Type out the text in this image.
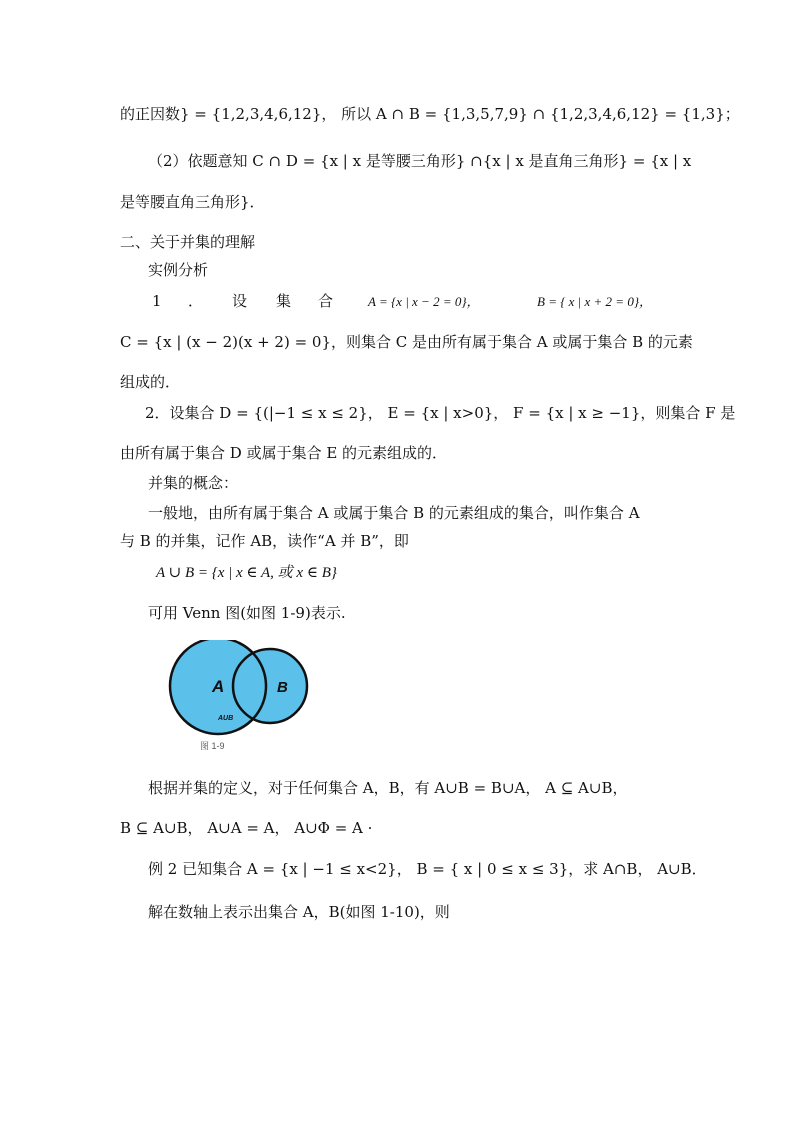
的正因数} = {1,2,3,4,6,12}， 所以 A ∩ B = {1,3,5,7,9} ∩ {1,2,3,4,6,12} = {1,3}；
（2）依题意知 C ∩ D = {x | x 是等腰三角形} ∩{x | x 是直角三角形} = {x | x
是等腰直角三角形}．
二、关于并集的理解
实例分析
1 ． 设 集 合	A = {x | x − 2 = 0}，	B = { x | x + 2 = 0}，
C = {x | (x − 2)(x + 2) = 0}，则集合 C 是由所有属于集合 A 或属于集合 B 的元素
组成的．
2．设集合 D = {(|−1 ≤ x ≤ 2}， E = {x | x>0}， F = {x | x ≥ −1}，则集合 F 是
由所有属于集合 D 或属于集合 E 的元素组成的．
并集的概念：
一般地，由所有属于集合 A 或属于集合 B 的元素组成的集合，叫作集合 A
与 B 的并集，记作 AB，读作“A 并 B”，即
A ∪ B = {x | x ∈ A, 或 x ∈ B}
可用 Venn 图(如图 1-9)表示.
A	B
AUB
图 1-9
根据并集的定义，对于任何集合 A，B，有 A∪B = B∪A， A ⊆ A∪B，
B ⊆ A∪B， A∪A = A， A∪Φ = A ·
例 2 已知集合 A = {x | −1 ≤ x<2}， B = { x | 0 ≤ x ≤ 3}，求 A∩B， A∪B．
解在数轴上表示出集合 A，B(如图 1-10)，则
